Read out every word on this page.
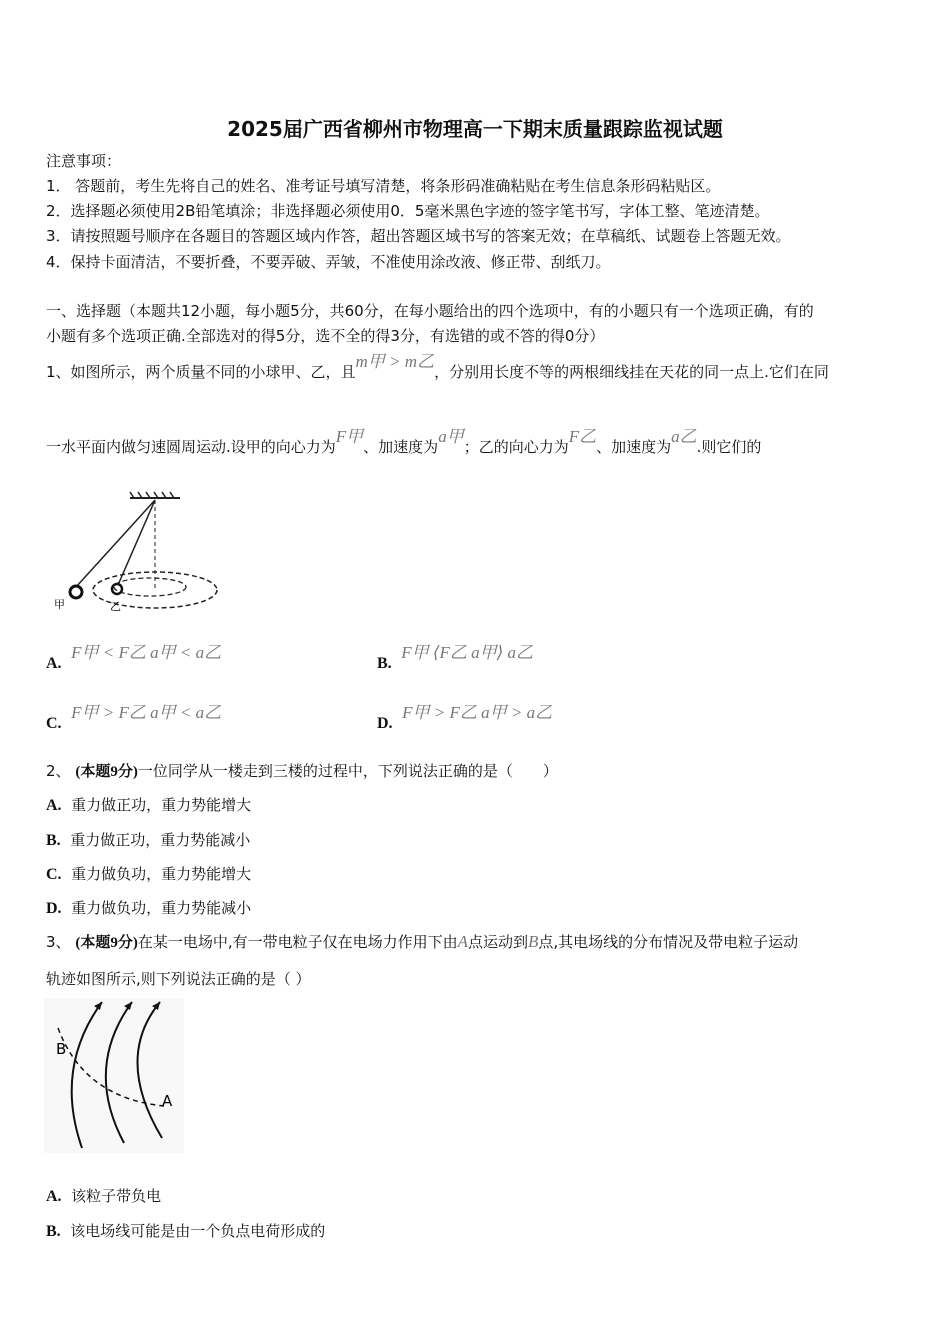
2025届广西省柳州市物理高一下期末质量跟踪监视试题
注意事项：
1． 答题前，考生先将自己的姓名、准考证号填写清楚，将条形码准确粘贴在考生信息条形码粘贴区。
2．选择题必须使用2B铅笔填涂；非选择题必须使用0．5毫米黑色字迹的签字笔书写，字体工整、笔迹清楚。
3．请按照题号顺序在各题目的答题区域内作答，超出答题区域书写的答案无效；在草稿纸、试题卷上答题无效。
4．保持卡面清洁，不要折叠，不要弄破、弄皱，不准使用涂改液、修正带、刮纸刀。
一、选择题（本题共12小题，每小题5分，共60分，在每小题给出的四个选项中，有的小题只有一个选项正确，有的
小题有多个选项正确.全部选对的得5分，选不全的得3分，有选错的或不答的得0分）
1、如图所示，两个质量不同的小球甲、乙，且m甲 > m乙，分别用长度不等的两根细线挂在天花的同一点上.它们在同
一水平面内做匀速圆周运动.设甲的向心力为F甲、加速度为a甲；乙的向心力为F乙、加速度为a乙.则它们的
甲	乙
A.  F甲 < F乙 a甲 < a乙
B.  F甲 ⟨F乙 a甲⟩ a乙
C.  F甲 > F乙 a甲 < a乙
D.  F甲 > F乙 a甲 > a乙
2、 (本题9分)一位同学从一楼走到三楼的过程中，下列说法正确的是（　　）
A. 重力做正功，重力势能增大
B. 重力做正功，重力势能减小
C. 重力做负功，重力势能增大
D. 重力做负功，重力势能减小
3、 (本题9分)在某一电场中,有一带电粒子仅在电场力作用下由A点运动到B点,其电场线的分布情况及带电粒子运动
轨迹如图所示,则下列说法正确的是（ ）
B
A
A. 该粒子带负电
B. 该电场线可能是由一个负点电荷形成的
